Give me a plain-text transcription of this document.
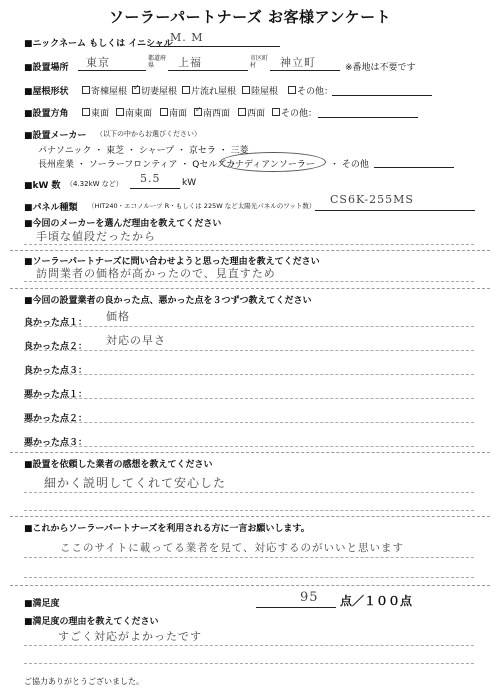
ソーラーパートナーズ お客様アンケート
■ニックネーム もしくは イニシャル
M. M
■設置場所 東京	都道府県	上福	市区町村	神立町	※番地は不要です
■屋根形状 寄棟屋根 ✓ 切妻屋根 片流れ屋根 陸屋根 その他：
■設置方角 東面 南東面 南面 ✓ 南西面 西面 その他：
■設置メーカー （以下の中からお選びください）
パナソニック ・ 東芝 ・ シャープ ・ 京セラ ・ 三菱
長州産業 ・ ソーラーフロンティア ・ Qセルズ ・
カナディアンソーラー ・ その他
■kW 数 （4.32kW など） 5.5 kW
■パネル種類 （HIT240・エコノルーツ R・もしくは 225W など太陽光パネルのワット数） CS6K-255MS
■今回のメーカーを選んだ理由を教えてください
手頃な値段だったから
■ソーラーパートナーズに問い合わせようと思った理由を教えてください
訪問業者の価格が高かったので、見直すため
■今回の設置業者の良かった点、悪かった点を３つずつ教えてください
良かった点１： 価格
良かった点２： 対応の早さ
良かった点３：
悪かった点１：
悪かった点２：
悪かった点３：
■設置を依頼した業者の感想を教えてください
細かく説明してくれて安心した
■これからソーラーパートナーズを利用される方に一言お願いします。
ここのサイトに載ってる業者を見て、対応するのがいいと思います
■満足度	95 点／１００点
■満足度の理由を教えてください
すごく対応がよかったです
ご協力ありがとうございました。
